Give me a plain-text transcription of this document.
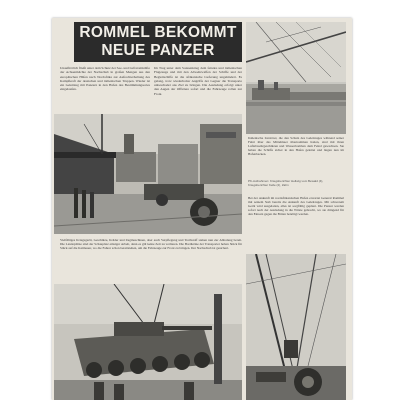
ROMMEL BEKOMMT
NEUE PANZER
Unaufhörlich fließt unter dem Schutz der See- und Luftstreitkräfte der Achsenmächte der Nachschub in großen Mengen aus den europäischen Häfen nach Nordafrika zur Aufrechterhaltung des Kampfkraft der deutschen und italienischen Truppen. Wieder ist ein Geleitzug mit Panzern in den Hafen des Bestimmungsortes eingelaufen.
Im Trug unter dem Sonnenkrieg dem feindes und italienischen Flugzeuge und mit den Abwehrwaffen der Schiffe und der Begleitschiffe ist die afrikanische Lieferung ungehindert. Es gelang, trotz wiederholter Angriffe der Gegner die Transporte unbeschadet ans Ziel zu bringen. Die Ausladung erfolgt unter den Augen der Offiziere sofort und die Fahrzeuge rollen zur Front.
Italienische Zerstörer, die den Schutz des Geleitzuges während seiner Fahrt über das Mittelmeer übernommen hatten, sind mit ihren Luftabwehrgeschützen und Wasserbomben dem Feind gewachsen. Sie haben die Schiffe sicher in den Hafen geleitet und liegen nun im Hafenbecken.
PK-Aufnahmen: Kriegsberichter Hellwig vom Bewald (4), Kriegsberichter Kelle (2), Zahn
Vielfältiges Kriegsgerät, Geschütze, Kräder und Zugmaschinen, aber auch Verpflegung und Treibstoff stehen nun zur Abholung bereit. Die Landeplätze sind der Schauplatz emsiger Arbeit, denn es gilt keine Zeit zu verlieren. Die Bordkräne der Transporter heben Stück für Stück auf die Kaimauer, wo die Fahrer schon bereitstehen, um die Fahrzeuge zur Front zu bringen. Der Nachschub ist gesichert.
Bei der Ankunft im nordafrikanischen Hafen erwartet General Rommel mit seinem Stab bereits die Ankunft des Geleitzuges. Mit schwerem Gerät wird ausgeladen, alles ist sorgfältig geplant. Die Panzer werden sofort nach der Ausladung in die Wüste gebracht, wo sie dringend für den Einsatz gegen die Briten benötigt werden.
